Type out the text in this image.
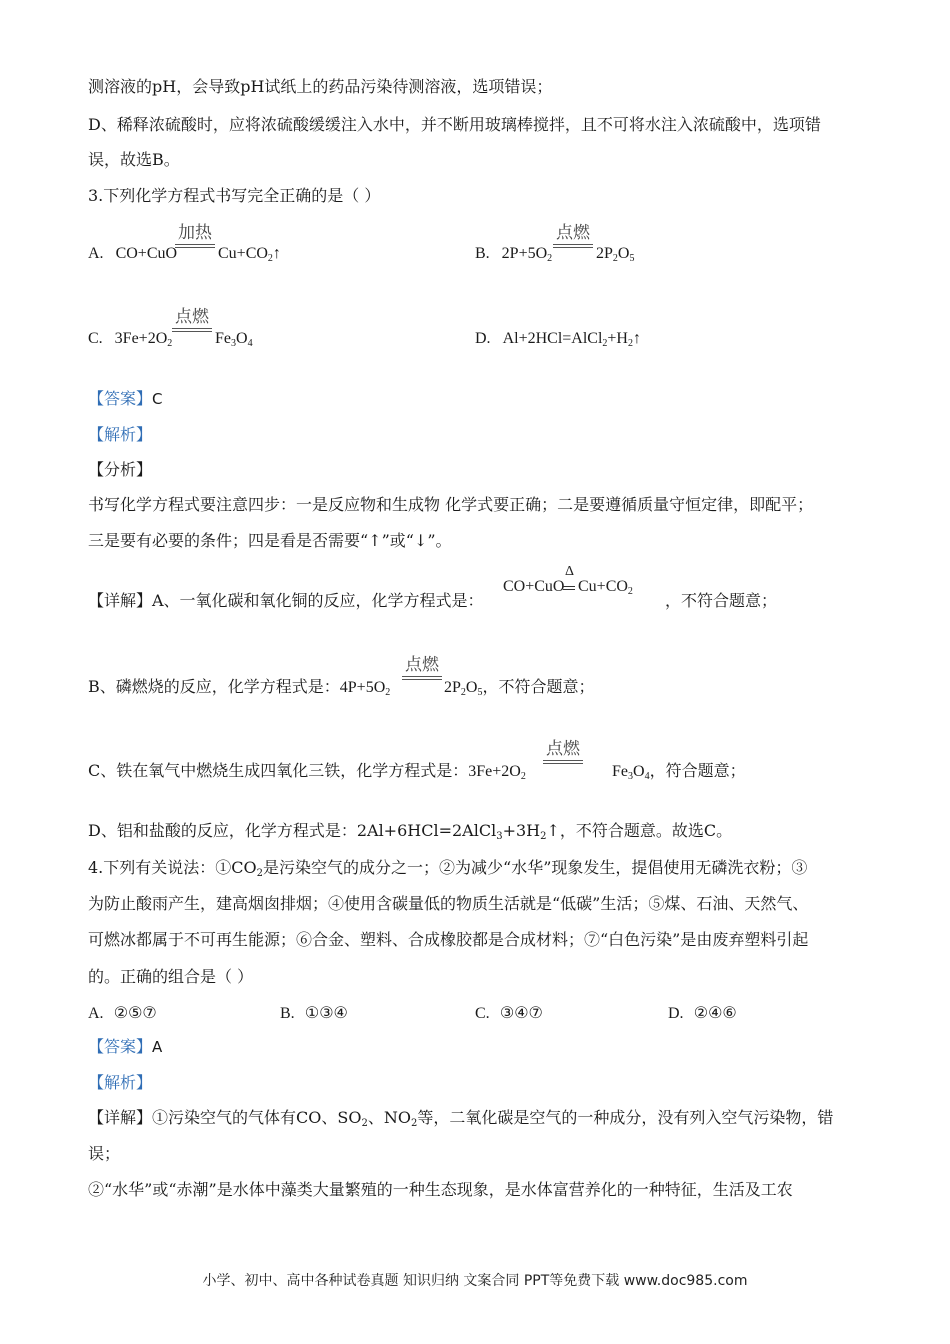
测溶液的pH，会导致pH试纸上的药品污染待测溶液，选项错误；
D、稀释浓硫酸时，应将浓硫酸缓缓注入水中，并不断用玻璃棒搅拌，且不可将水注入浓硫酸中，选项错
误，故选B。
3.下列化学方程式书写完全正确的是（ ）
A. CO+CuO
加热
$Cu+CO_2↑$	B. $2P+5O_2$
点燃
$2P_2O_5$
C. $3Fe+2O_2$
点燃
$Fe_3O_4$	D. $Al+2HCl=AlCl_2+H_2↑$
【答案】C
【解析】
【分析】
书写化学方程式要注意四步：一是反应物和生成物 化学式要正确；二是要遵循质量守恒定律，即配平；
三是要有必要的条件；四是看是否需要“↑”或“↓”。
【详解】A、一氧化碳和氧化铜的反应，化学方程式是：
CO+CuO
Δ
$Cu+CO_2$ ，不符合题意；
B、磷燃烧的反应，化学方程式是：$4P+5O_2$
点燃
$2P_2O_5$，不符合题意；
C、铁在氧气中燃烧生成四氧化三铁，化学方程式是：$3Fe+2O_2$
点燃
$Fe_3O_4$，符合题意；
D、铝和盐酸的反应，化学方程式是：$2Al+6HCl=2AlCl_3+3H_2↑$，不符合题意。故选C。
4.下列有关说法：$①CO_2$是污染空气的成分之一；②为减少“水华”现象发生，提倡使用无磷洗衣粉；③
为防止酸雨产生，建高烟囱排烟；④使用含碳量低的物质生活就是“低碳”生活；⑤煤、石油、天然气、
可燃冰都属于不可再生能源；⑥合金、塑料、合成橡胶都是合成材料；⑦“白色污染”是由废弃塑料引起
的。正确的组合是（ ）
A. ②⑤⑦	B. ①③④	C. ③④⑦	D. ②④⑥
【答案】A
【解析】
【详解】①污染空气的气体有CO、$SO_2$、$NO_2$等，二氧化碳是空气的一种成分，没有列入空气污染物，错
误；
②“水华”或“赤潮”是水体中藻类大量繁殖的一种生态现象，是水体富营养化的一种特征，生活及工农
小学、初中、高中各种试卷真题 知识归纳 文案合同 PPT等免费下载 www.doc985.com
